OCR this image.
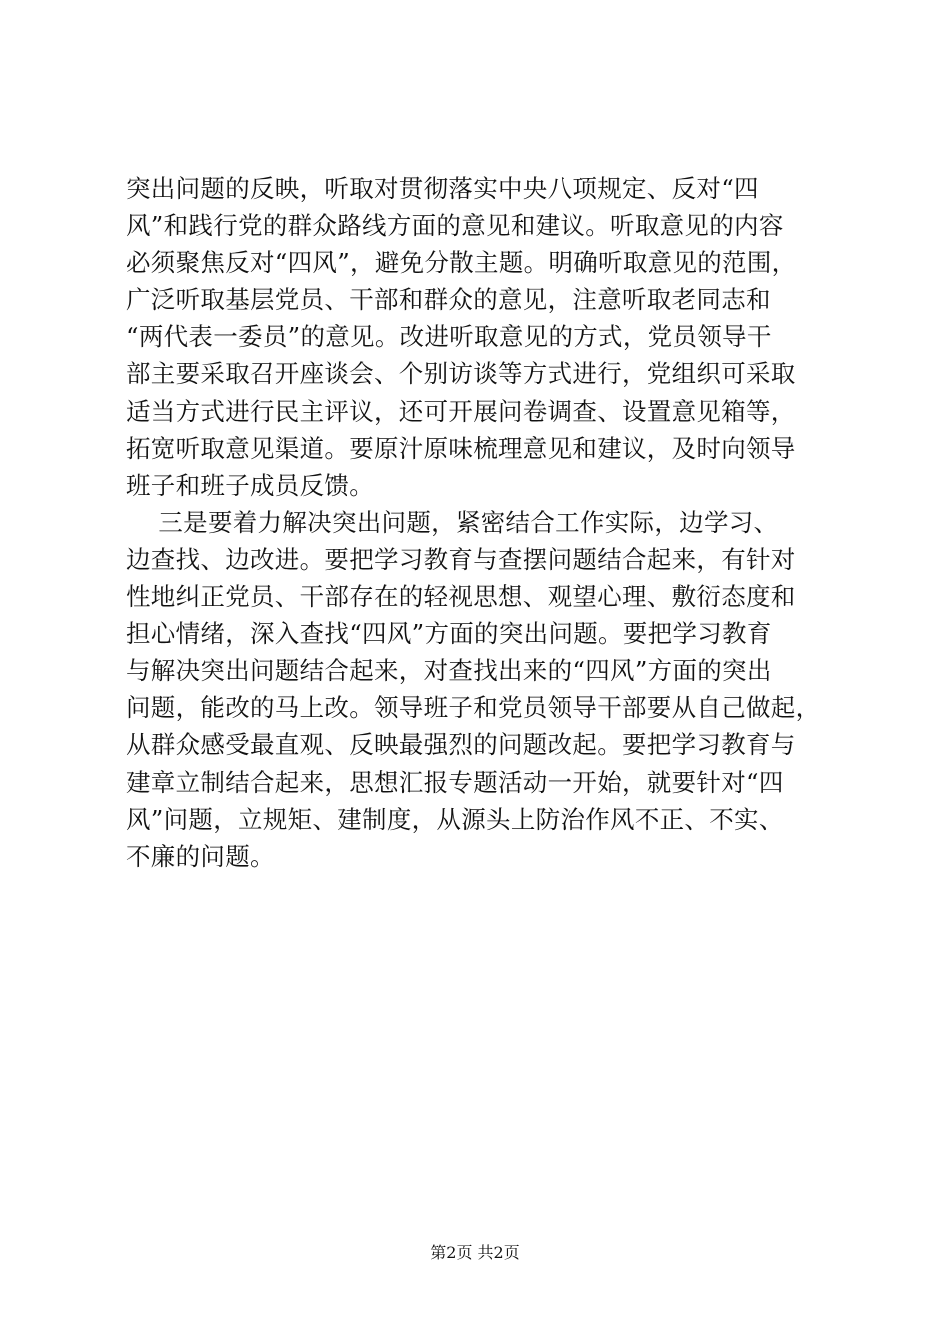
突出问题的反映，听取对贯彻落实中央八项规定、反对“四
风”和践行党的群众路线方面的意见和建议。听取意见的内容
必须聚焦反对“四风”，避免分散主题。明确听取意见的范围，
广泛听取基层党员、干部和群众的意见，注意听取老同志和
“两代表一委员”的意见。改进听取意见的方式，党员领导干
部主要采取召开座谈会、个别访谈等方式进行，党组织可采取
适当方式进行民主评议，还可开展问卷调查、设置意见箱等，
拓宽听取意见渠道。要原汁原味梳理意见和建议，及时向领导
班子和班子成员反馈。
三是要着力解决突出问题，紧密结合工作实际，边学习、
边查找、边改进。要把学习教育与查摆问题结合起来，有针对
性地纠正党员、干部存在的轻视思想、观望心理、敷衍态度和
担心情绪，深入查找“四风”方面的突出问题。要把学习教育
与解决突出问题结合起来，对查找出来的“四风”方面的突出
问题，能改的马上改。领导班子和党员领导干部要从自己做起，
从群众感受最直观、反映最强烈的问题改起。要把学习教育与
建章立制结合起来，思想汇报专题活动一开始，就要针对“四
风”问题，立规矩、建制度，从源头上防治作风不正、不实、
不廉的问题。
第2页 共2页
